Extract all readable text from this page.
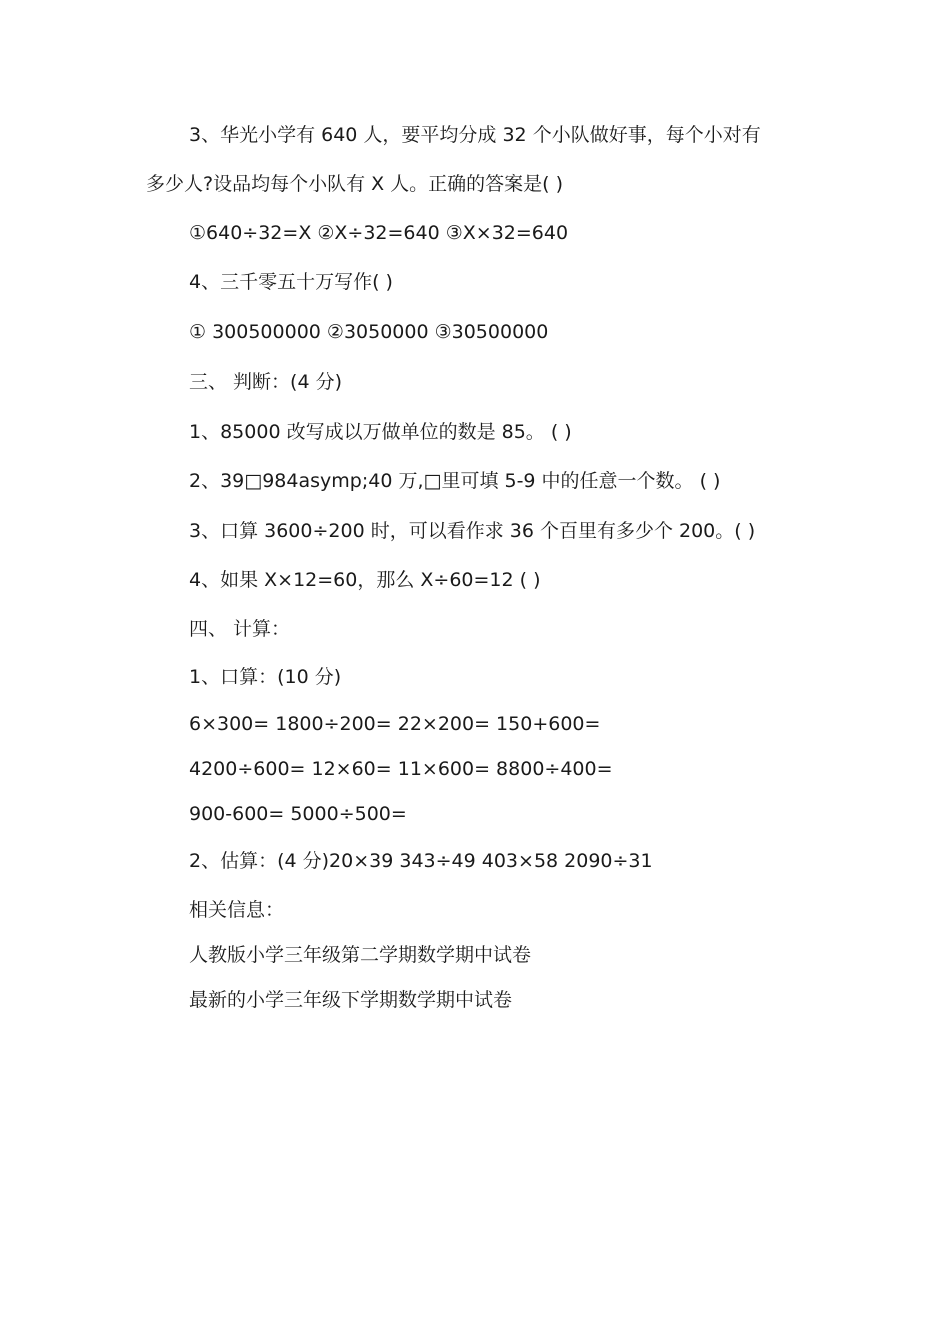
3、华光小学有 640 人，要平均分成 32 个小队做好事，每个小对有
多少人?设品均每个小队有 X 人。正确的答案是( )
①640÷32=X ②X÷32=640 ③X×32=640
4、三千零五十万写作( )
① 300500000 ②3050000 ③30500000
三、 判断：(4 分)
1、85000 改写成以万做单位的数是 85。 ( )
2、39□984asymp;40 万,□里可填 5-9 中的任意一个数。 ( )
3、口算 3600÷200 时，可以看作求 36 个百里有多少个 200。( )
4、如果 X×12=60，那么 X÷60=12 ( )
四、 计算：
1、口算：(10 分)
6×300= 1800÷200= 22×200= 150+600=
4200÷600= 12×60= 11×600= 8800÷400=
900-600= 5000÷500=
2、估算：(4 分)20×39 343÷49 403×58 2090÷31
相关信息：
人教版小学三年级第二学期数学期中试卷
最新的小学三年级下学期数学期中试卷
